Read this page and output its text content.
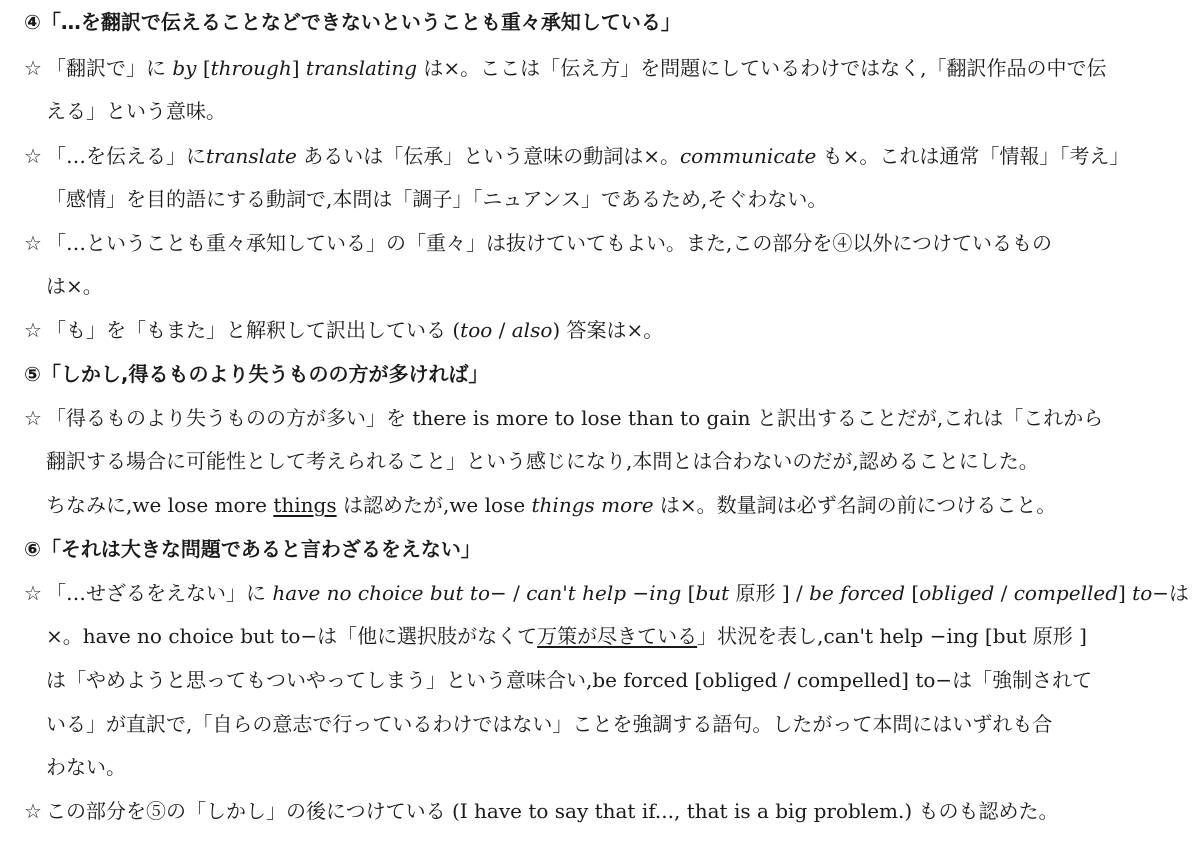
④「…を翻訳で伝えることなどできないということも重々承知している」
☆ 「翻訳で」に by [through] translating は×。ここは「伝え方」を問題にしているわけではなく,「翻訳作品の中で伝
える」という意味。
☆ 「…を伝える」にtranslate あるいは「伝承」という意味の動詞は×。communicate も×。これは通常「情報」「考え」
「感情」を目的語にする動詞で,本問は「調子」「ニュアンス」であるため,そぐわない。
☆ 「…ということも重々承知している」の「重々」は抜けていてもよい。また,この部分を④以外につけているもの
は×。
☆ 「も」を「もまた」と解釈して訳出している (too / also) 答案は×。
⑤「しかし,得るものより失うものの方が多ければ」
☆ 「得るものより失うものの方が多い」を there is more to lose than to gain と訳出することだが,これは「これから
翻訳する場合に可能性として考えられること」という感じになり,本問とは合わないのだが,認めることにした。
ちなみに,we lose more things は認めたが,we lose things more は×。数量詞は必ず名詞の前につけること。
⑥「それは大きな問題であると言わざるをえない」
☆ 「…せざるをえない」に have no choice but to− / can't help −ing [but 原形 ] / be forced [obliged / compelled] to−は
×。have no choice but to−は「他に選択肢がなくて万策が尽きている」状況を表し,can't help −ing [but 原形 ]
は「やめようと思ってもついやってしまう」という意味合い,be forced [obliged / compelled] to−は「強制されて
いる」が直訳で,「自らの意志で行っているわけではない」ことを強調する語句。したがって本問にはいずれも合
わない。
☆ この部分を⑤の「しかし」の後につけている (I have to say that if..., that is a big problem.) ものも認めた。
